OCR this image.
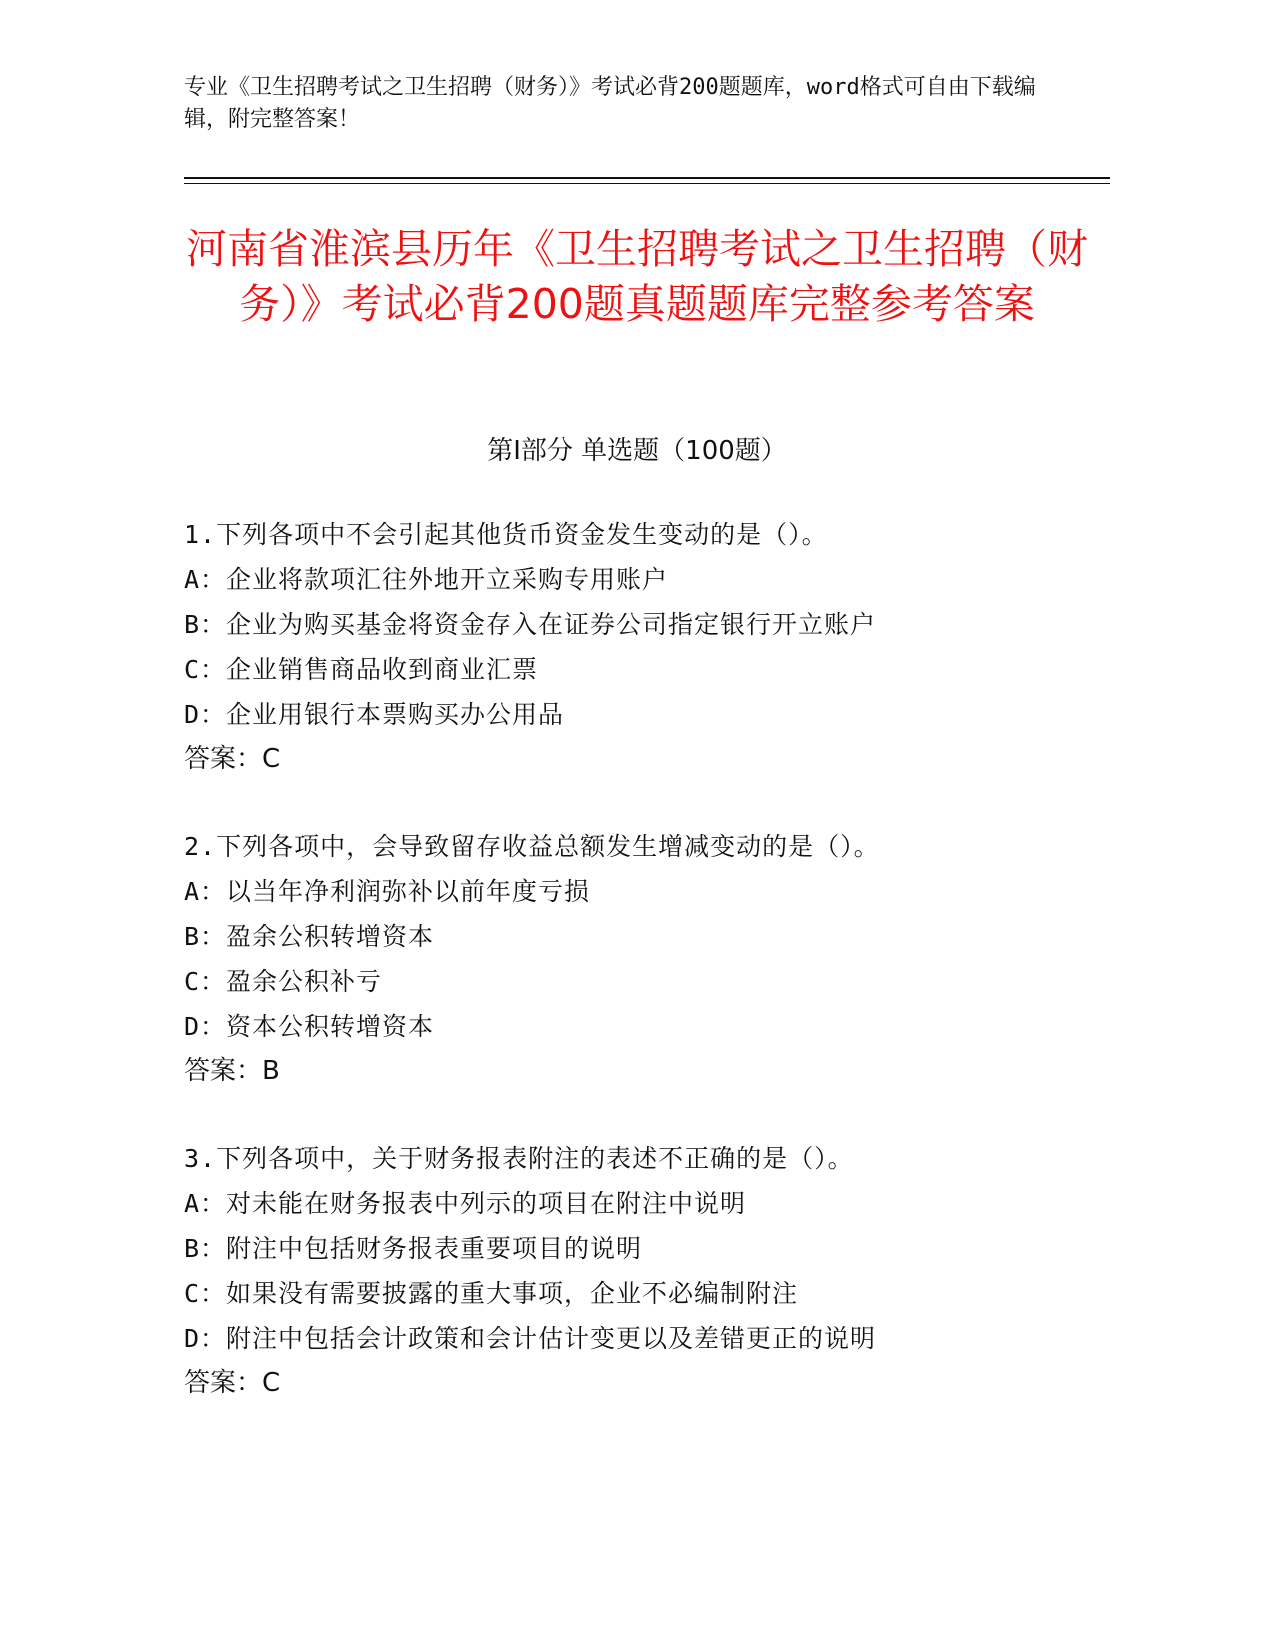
专业《卫生招聘考试之卫生招聘（财务）》考试必背200题题库，word格式可自由下载编辑，附完整答案！

河南省淮滨县历年《卫生招聘考试之卫生招聘（财务）》考试必背200题真题题库完整参考答案
第Ⅰ部分 单选题（100题）
1.下列各项中不会引起其他货币资金发生变动的是（）。
A：企业将款项汇往外地开立采购专用账户
B：企业为购买基金将资金存入在证券公司指定银行开立账户
C：企业销售商品收到商业汇票
D：企业用银行本票购买办公用品
答案：C
2.下列各项中，会导致留存收益总额发生增减变动的是（）。
A：以当年净利润弥补以前年度亏损
B：盈余公积转增资本
C：盈余公积补亏
D：资本公积转增资本
答案：B
3.下列各项中，关于财务报表附注的表述不正确的是（）。
A：对未能在财务报表中列示的项目在附注中说明
B：附注中包括财务报表重要项目的说明
C：如果没有需要披露的重大事项，企业不必编制附注
D：附注中包括会计政策和会计估计变更以及差错更正的说明
答案：C
